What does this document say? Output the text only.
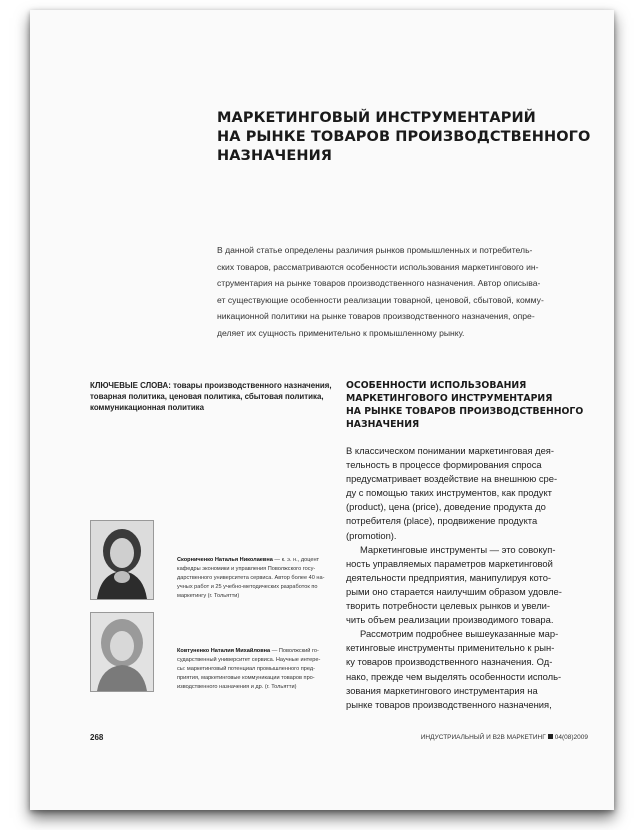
МАРКЕТИНГОВЫЙ ИНСТРУМЕНТАРИЙ
НА РЫНКЕ ТОВАРОВ ПРОИЗВОДСТВЕННОГО
НАЗНАЧЕНИЯ
В данной статье определены различия рынков промышленных и потребитель-
ских товаров, рассматриваются особенности использования маркетингового ин-
струментария на рынке товаров производственного назначения. Автор описыва-
ет существующие особенности реализации товарной, ценовой, сбытовой, комму-
никационной политики на рынке товаров производственного назначения, опре-
деляет их сущность применительно к промышленному рынку.
КЛЮЧЕВЫЕ СЛОВА: товары производственного назначения,
товарная политика, ценовая политика, сбытовая политика,
коммуникационная политика
ОСОБЕННОСТИ ИСПОЛЬЗОВАНИЯ
МАРКЕТИНГОВОГО ИНСТРУМЕНТАРИЯ
НА РЫНКЕ ТОВАРОВ ПРОИЗВОДСТВЕННОГО
НАЗНАЧЕНИЯ
В классическом понимании маркетинговая дея-
тельность в процессе формирования спроса
предусматривает воздействие на внешнюю сре-
ду с помощью таких инструментов, как продукт
(product), цена (price), доведение продукта до
потребителя (place), продвижение продукта
(promotion).
Маркетинговые инструменты — это совокуп-
ность управляемых параметров маркетинговой
деятельности предприятия, манипулируя кото-
рыми оно старается наилучшим образом удовле-
творить потребности целевых рынков и увели-
чить объем реализации производимого товара.
Рассмотрим подробнее вышеуказанные мар-
кетинговые инструменты применительно к рын-
ку товаров производственного назначения. Од-
нако, прежде чем выделять особенности исполь-
зования маркетингового инструментария на
рынке товаров производственного назначения,
Скорниченко Наталья Николаевна — к. э. н., доцент
кафедры экономики и управления Поволжского госу-
дарственного университета сервиса. Автор более 40 на-
учных работ и 25 учебно-методических разработок по
маркетингу (г. Тольятти)
Ковтуненко Наталия Михайловна — Поволжский го-
сударственный университет сервиса. Научные интере-
сы: маркетинговый потенциал промышленного пред-
приятия, маркетинговые коммуникации товаров про-
изводственного назначения и др. (г. Тольятти)
268	ИНДУСТРИАЛЬНЫЙ И B2B МАРКЕТИНГ 04(08)2009
